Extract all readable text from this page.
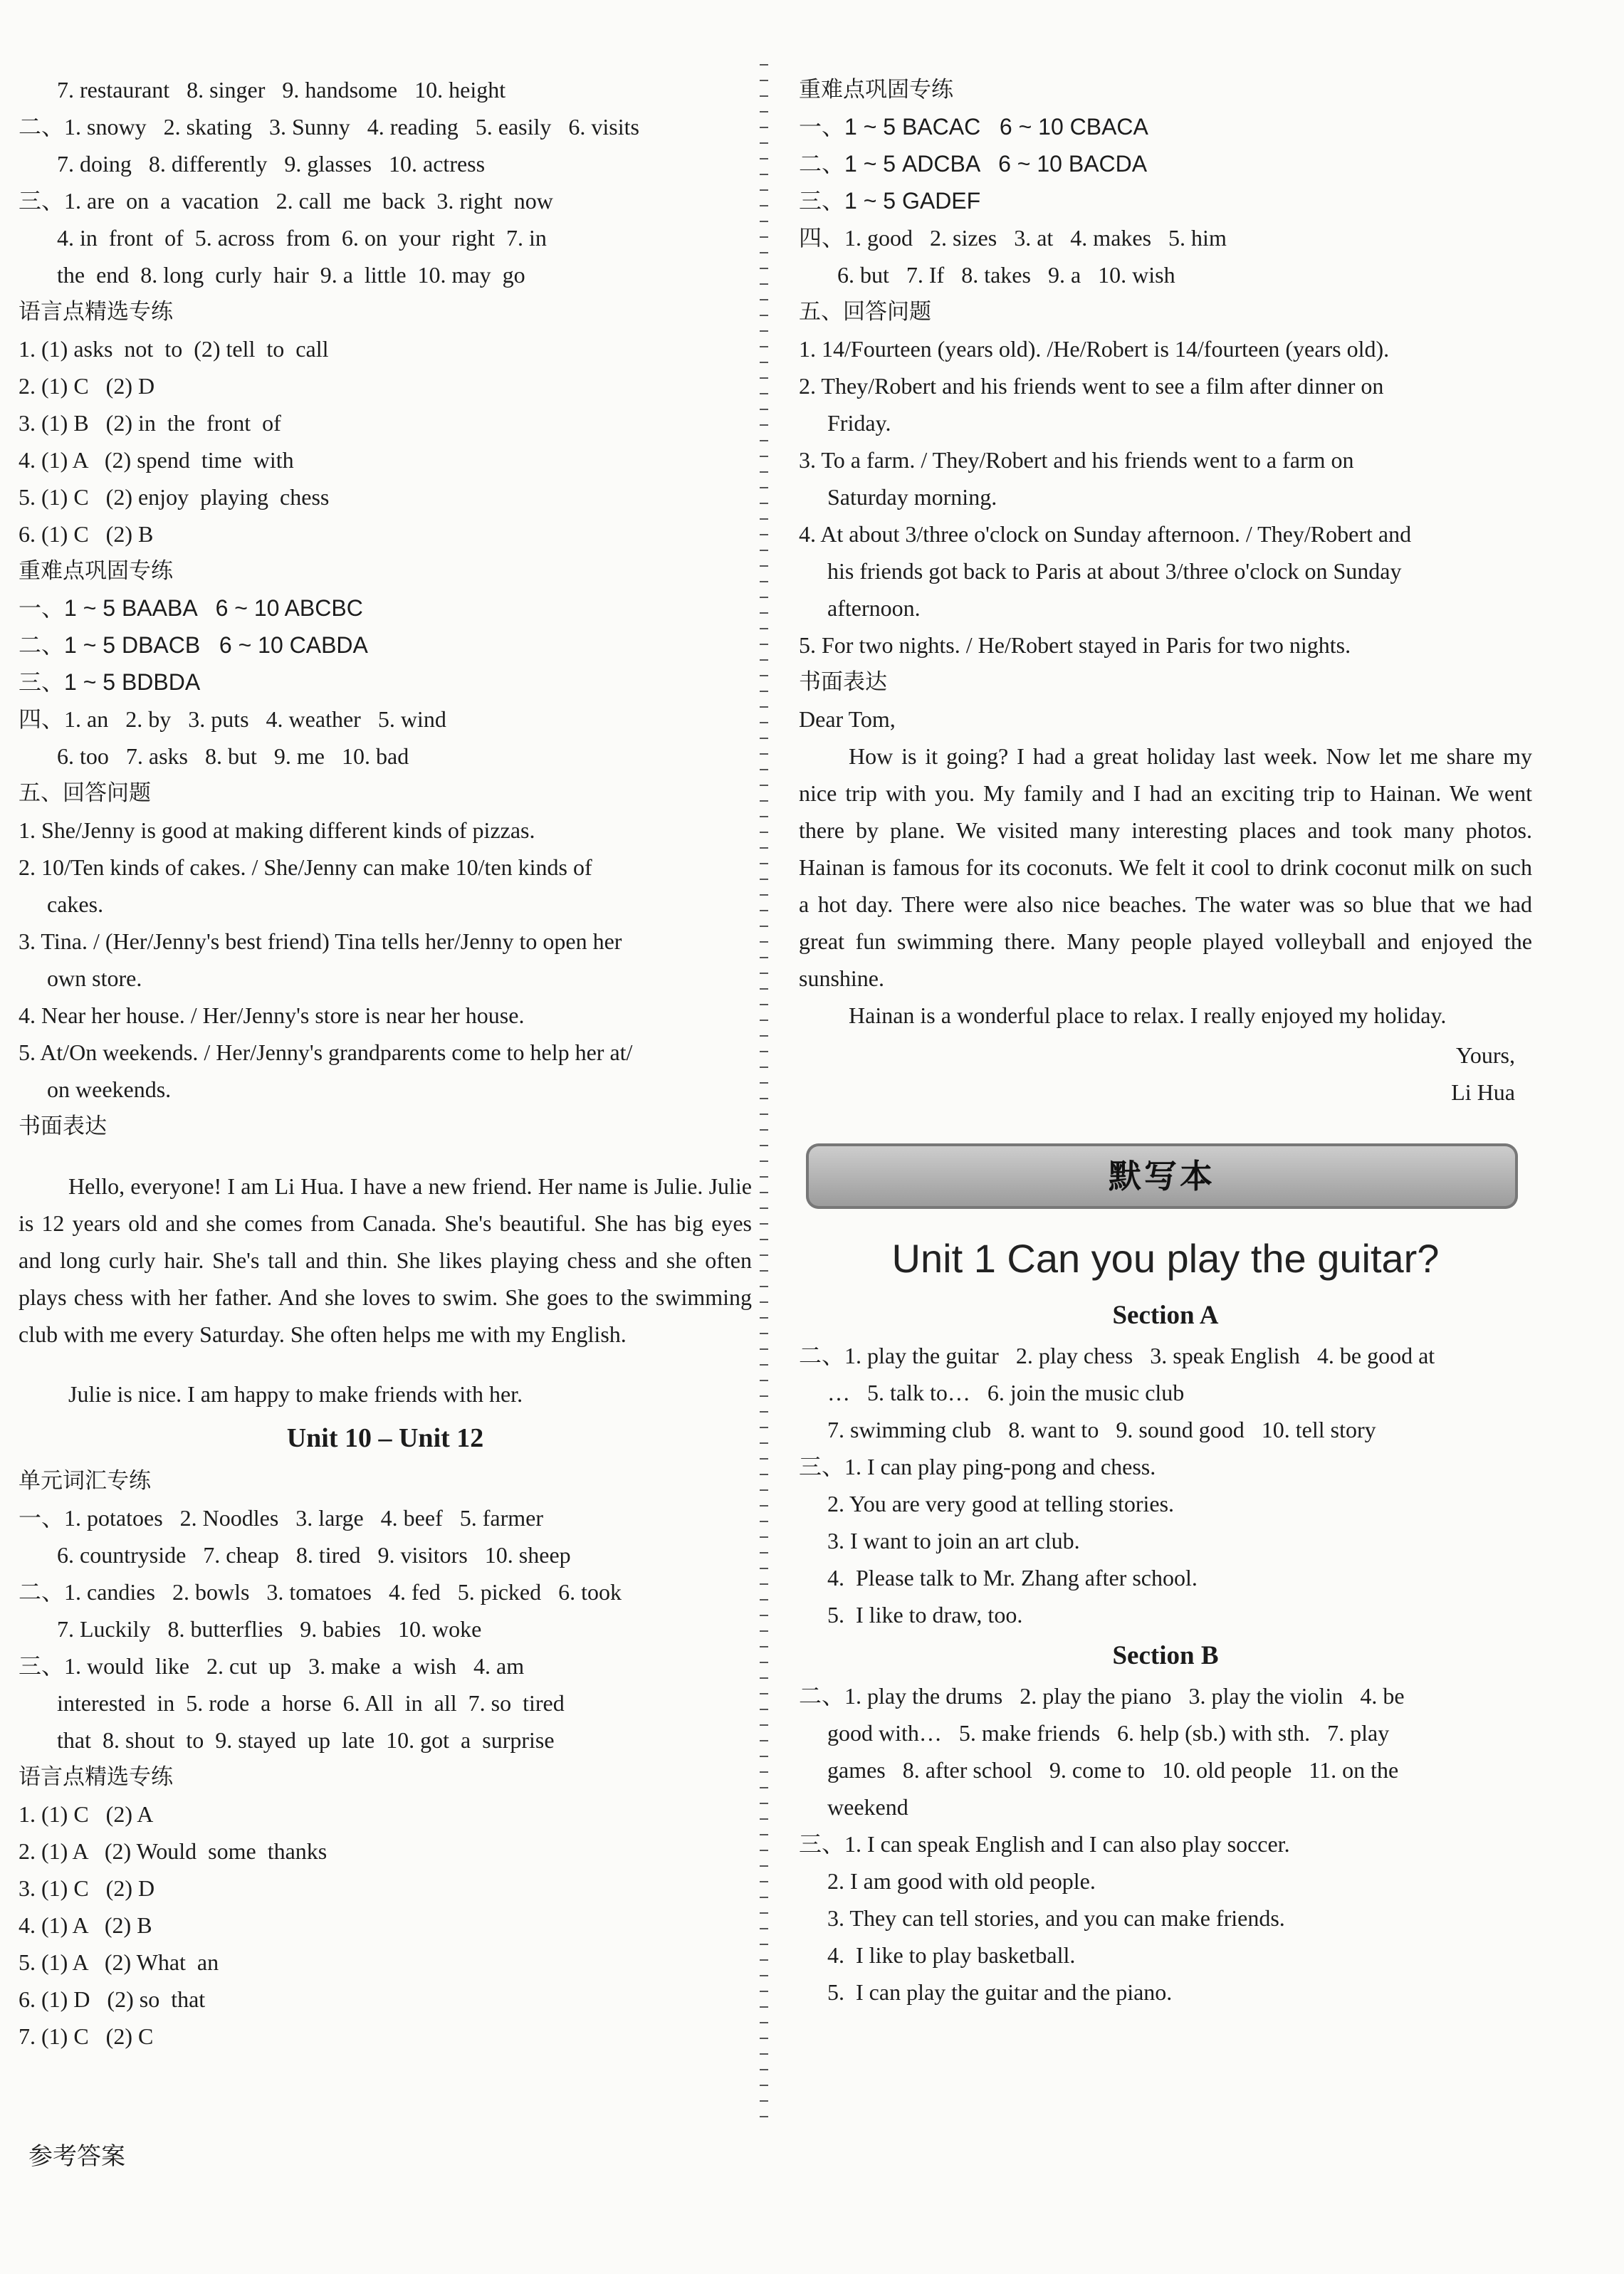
7. restaurant   8. singer   9. handsome   10. height

二、1. snowy   2. skating   3. Sunny   4. reading   5. easily   6. visits

7. doing   8. differently   9. glasses   10. actress

三、1. are  on  a  vacation   2. call  me  back  3. right  now

4. in  front  of  5. across  from  6. on  your  right  7. in

the  end  8. long  curly  hair  9. a  little  10. may  go

语言点精选专练

1. (1) asks  not  to  (2) tell  to  call

2. (1) C   (2) D

3. (1) B   (2) in  the  front  of

4. (1) A   (2) spend  time  with

5. (1) C   (2) enjoy  playing  chess

6. (1) C   (2) B

重难点巩固专练

一、1 ~ 5 BAABA   6 ~ 10 ABCBC

二、1 ~ 5 DBACB   6 ~ 10 CABDA

三、1 ~ 5 BDBDA

四、1. an   2. by   3. puts   4. weather   5. wind

6. too   7. asks   8. but   9. me   10. bad

五、回答问题

1. She/Jenny is good at making different kinds of pizzas.

2. 10/Ten kinds of cakes. / She/Jenny can make 10/ten kinds of

cakes.

3. Tina. / (Her/Jenny's best friend) Tina tells her/Jenny to open her

own store.

4. Near her house. / Her/Jenny's store is near her house.

5. At/On weekends. / Her/Jenny's grandparents come to help her at/

on weekends.

书面表达

Hello, everyone! I am Li Hua. I have a new friend. Her name is Julie. Julie is 12 years old and she comes from Canada. She's beautiful. She has big eyes and long curly hair. She's tall and thin. She likes playing chess and she often plays chess with her father. And she loves to swim. She goes to the swimming club with me every Saturday. She often helps me with my English.

Julie is nice. I am happy to make friends with her.

Unit 10 – Unit 12

单元词汇专练

一、1. potatoes   2. Noodles   3. large   4. beef   5. farmer

6. countryside   7. cheap   8. tired   9. visitors   10. sheep

二、1. candies   2. bowls   3. tomatoes   4. fed   5. picked   6. took

7. Luckily   8. butterflies   9. babies   10. woke

三、1. would  like   2. cut  up   3. make  a  wish   4. am

interested  in  5. rode  a  horse  6. All  in  all  7. so  tired

that  8. shout  to  9. stayed  up  late  10. got  a  surprise

语言点精选专练

1. (1) C   (2) A

2. (1) A   (2) Would  some  thanks

3. (1) C   (2) D

4. (1) A   (2) B

5. (1) A   (2) What  an

6. (1) D   (2) so  that

7. (1) C   (2) C

重难点巩固专练

一、1 ~ 5 BACAC   6 ~ 10 CBACA

二、1 ~ 5 ADCBA   6 ~ 10 BACDA

三、1 ~ 5 GADEF

四、1. good   2. sizes   3. at   4. makes   5. him

6. but   7. If   8. takes   9. a   10. wish

五、回答问题

1. 14/Fourteen (years old). /He/Robert is 14/fourteen (years old).

2. They/Robert and his friends went to see a film after dinner on

Friday.

3. To a farm. / They/Robert and his friends went to a farm on

Saturday morning.

4. At about 3/three o'clock on Sunday afternoon. / They/Robert and

his friends got back to Paris at about 3/three o'clock on Sunday

afternoon.

5. For two nights. / He/Robert stayed in Paris for two nights.

书面表达

Dear Tom,

How is it going? I had a great holiday last week. Now let me share my nice trip with you. My family and I had an exciting trip to Hainan. We went there by plane. We visited many interesting places and took many photos. Hainan is famous for its coconuts. We felt it cool to drink coconut milk on such a hot day. There were also nice beaches. The water was so blue that we had great fun swimming there. Many people played volleyball and enjoyed the sunshine.

Hainan is a wonderful place to relax. I really enjoyed my holiday.

Yours,

Li Hua

默写本
Unit 1 Can you play the guitar?
Section A

二、1. play the guitar   2. play chess   3. speak English   4. be good at

…   5. talk to…   6. join the music club

7. swimming club   8. want to   9. sound good   10. tell story

三、1. I can play ping-pong and chess.

2. You are very good at telling stories.

3. I want to join an art club.

4.  Please talk to Mr. Zhang after school.

5.  I like to draw, too.

Section B

二、1. play the drums   2. play the piano   3. play the violin   4. be

good with…   5. make friends   6. help (sb.) with sth.   7. play

games   8. after school   9. come to   10. old people   11. on the

weekend

三、1. I can speak English and I can also play soccer.

2. I am good with old people.

3. They can tell stories, and you can make friends.

4.  I like to play basketball.

5.  I can play the guitar and the piano.

参考答案
